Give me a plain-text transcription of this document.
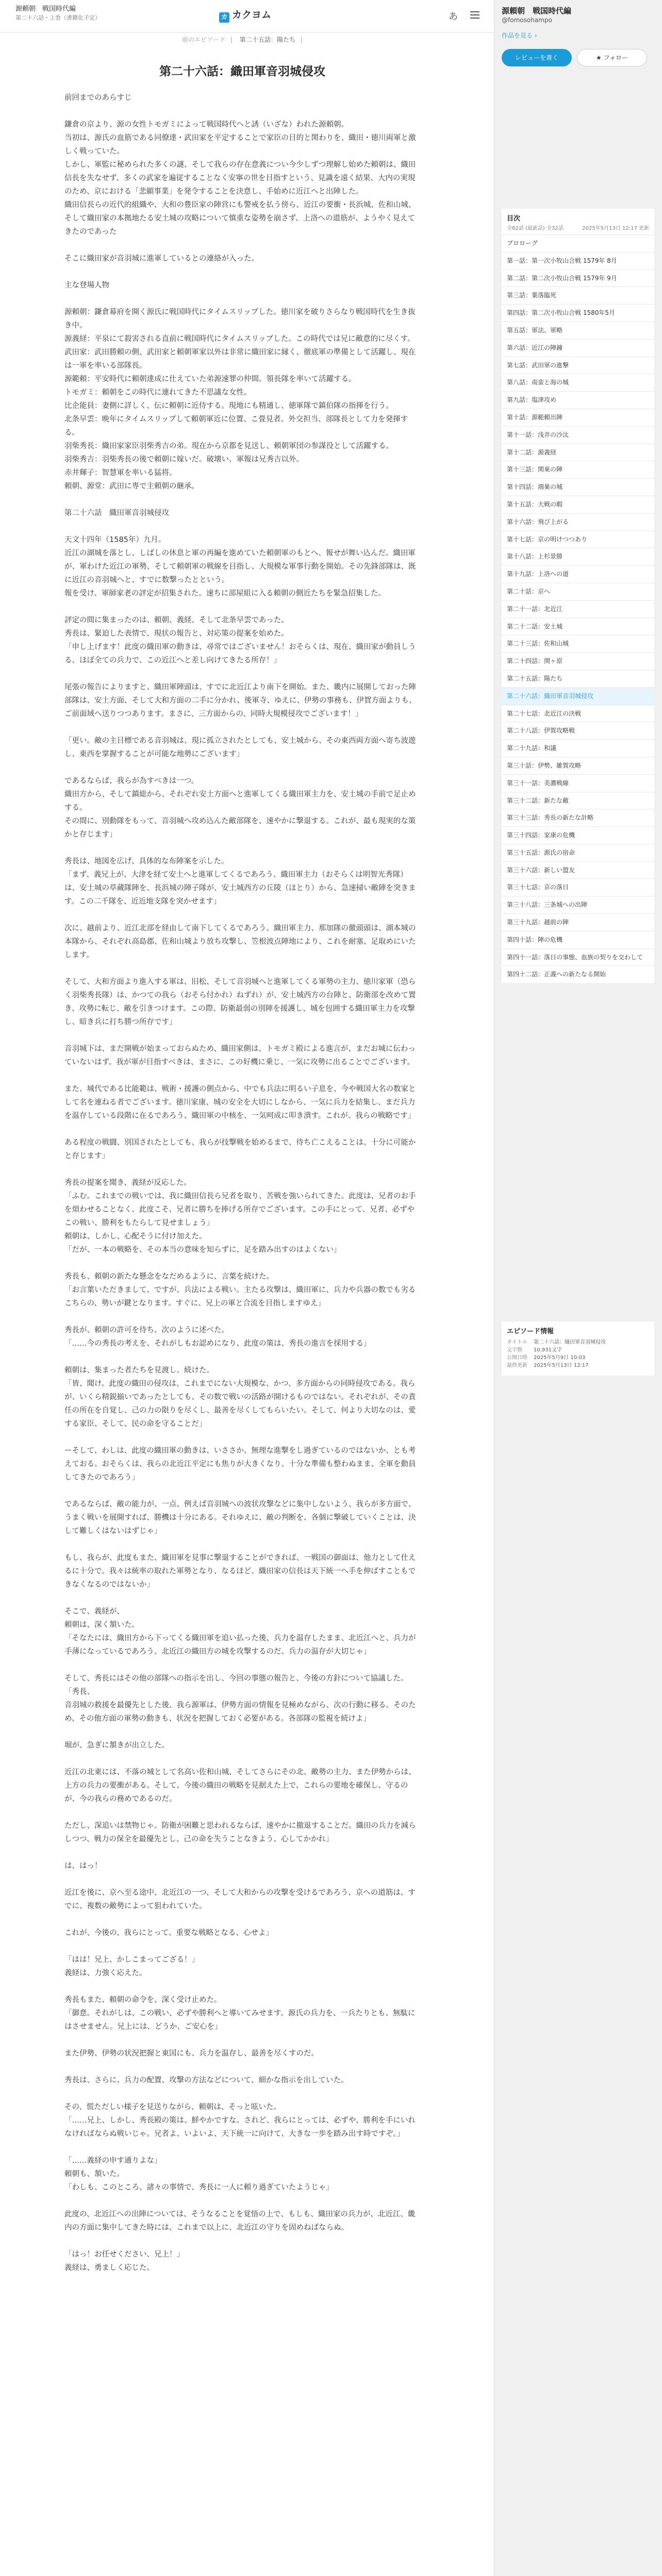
源頼朝　戦国時代編
第二十六話・上巻（書籍化予定）	カ カクヨム	あ
前のエピソード | 第二十五話：陽たち |
第二十六話：織田軍音羽城侵攻
前回までのあらすじ

鎌倉の京より、源の女性トモガミによって戦国時代へと誘（いざな）われた源頼朝。
当初は、源氏の血筋である同僚達・武田家を平定することで家臣の目的と関わりを、織田・徳川両軍と激しく戦っていた。
しかし、軍監に秘められた多くの謎、そして我らの存在意義につい今少しずつ理解し始めた頼朝は、織田信長を失なせず、多くの武家を遍従することなく安寧の世を目指すという、見識を遠く結果、大内の実現のため、京における「悲願事業」を発令することを決意し、手始めに近江へと出陣した。
織田信長らの近代的組織や、大和の豊臣家の陣営にも警戒を払う傍ら、近江の要衝・長浜城、佐和山城、そして織田家の本拠地たる安土城の攻略について慎重な姿勢を崩さず、上洛への道筋が、ようやく見えてきたのであった

そこに織田家が音羽城に進軍しているとの連絡が入った。

主な登場人物

源頼朝：鎌倉幕府を開く源氏に戦国時代にタイムスリップした。徳川家を破りさらなり戦国時代を生き抜き中。
源義経：平泉にて殺害される直前に戦国時代にタイムスリップした。この時代では兄に敵意的に尽くす。
武田家：武田勝頼の側、武田家と頼朝軍家以外は非常に織田家に縁く、徹底軍の準備として活躍し、現在は一軍を率いる部隊長。
源範頼：平安時代に頼朝達成に仕えていた弟源速罪の仲間。領長隊を率いて活躍する。
トモガミ：頼朝をこの時代に連れてきた不思議な女性。
比企能員：妻側に詳しく、伝に頼朝に近侍する。現地にも精通し、徳軍隊で鎮伯隊の指揮を行う。
北条早雲：晩年にタイムスリップして頼朝軍近に位置、こ畳見者。外交担当、部隊長として力を発揮する。
羽柴秀長：織田家家臣羽柴秀吉の弟。現在から京都を見送し、頼朝軍団の参謀役として活躍する。
羽柴秀吉：羽柴秀長の後で頼朝に嫁いだ。破壊い、軍報は兄秀吉以外。
赤井輝子：智慧軍を率いる猛将。
頼朝、源堂：武田に専で主頼朝の継承。

第二十六話　織田軍音羽城侵攻

天文十四年（1585年）九月。
近江の湖城を落とし、しばしの休息と軍の再編を進めていた頼朝軍のもとへ、報せが舞い込んだ。織田軍が、軍わけた近江の軍勢、そして頼朝軍の戦線を目指し、大規模な軍事行動を開始。その先鋒部隊は、既に近江の音羽城へと、すでに数撃ったとという。
報を受け、軍師家老の評定が招集された。速ちに部屋組に入る頼朝の側近たちを緊急招集した。

評定の間に集まったのは、頼朝、義経、そして北条早雲であった。
秀長は、緊迫した表情で、現状の報告と、対応策の提案を始めた。
「申し上げます！此度の織田軍の動きは、尋常ではございません！おそらくは、現在、織田家が動員しうる、ほぼ全ての兵力で、この近江へと差し向けてきたる所存！」

尾張の報告によりますと、織田軍陣頭は、すでに北近江より南下を開始。また、畿内に展開しておった陣部隊は、安土方面、そして大和方面の二手に分かれ、後軍寺、ゆえに、伊勢の事務も、伊賀方面よりも、ご前面域へ送りつつあります。まさに、三方面からの、同時大規模侵攻でございます！」

「更い。敵の主目標である音羽城は、現に孤立されたとしても、安土城から、その東西両方面へ寄ち波遊し、東西を掌握することが可能な地勢にございます」

であるならば、我らが為すべきは一つ。
織田方から、そして鎮総から、それぞれ安土方面へと進軍してくる織田軍主力を、安土城の手前で足止めする。
その間に、別動隊をもって、音羽城へ攻め込んた敵部隊を、速やかに撃退する。これが、最も現実的な策かと存じます」

秀長は、地図を広げ、具体的な布陣案を示した。
「まず、義兄上が、大津を経て安土へと進軍してくるであろう、織田軍主力（おそらくは明智光秀隊）は、安土城の草蔵隊陣を、長浜城の陣子隊が、安土城西方の丘陵（ほとり）から、急速掃い敵陣を突きます。この二千隊を、近近地支隊を突かせます」

次に、越前より、近江北部を経由して南下してくるであろう、織田軍主力、那加隊の徹頭頭は、湖本城の本隊から、それぞれ高島郡、佐和山城より放ち攻撃し、笠根波点陣地により、これを耐塞、足取めにいたします。

そして、大和方面より進入する軍は、旧松、そして音羽城へと進軍してくる軍勢の主力、徳川家軍（恐らく羽柴秀長隊）は、かつての我ら（おそら付かれ）ねずれ）が、安土城西方の台陣と、防衛部を改めて置き、攻勢に転じ、敵を引きつけます。この際、防衛最弱の別陣を援護し、城を包囲する織田軍主力を攻撃し、暗き兵に打ち勝つ所存です」

音羽城下は、まだ開戦が始まっておらぬため、織田家側は、トモガミ殿による進言が、まだお城に伝わっていないはず。我が軍が目指すべきは、まさに、この好機に乗じ、一気に攻勢に出ることでございます。

また、城代である比能範は、戦術・援護の側点から、中でも兵法に明るい子息を、今や戦国大名の数家として名を連ねる者でございます。徳川家康、城の安全を大切にしなから、一気に兵力を結集し、まだ兵力を温存している段階に在るであろう、織田軍の中核を、一気呵成に叩き潰す。これが、我らの戦略です」

ある程度の戦闘、別国されたとしても、我らが技撃戦を始めるまで、待ち亡こえることは、十分に可能かと存じます」

秀長の提案を聞き、義経が反応した。
「ふむ。これまでの戦いでは、我に織田信長ら兄者を取り、苦戦を強いられてきた。此度は、兄者のお手を煩わせることなく、此度こそ、兄者に勝ちを捧げる所存でございます。この手にとって、兄者、必ずやこの戦い、勝利をもたらして見せましょう」
頼朝は、しかし、心配そうに付け加えた。
「だが、一本の戦略を、その本当の意味を知らずに、足を踏み出すのはよくない」

秀長も、頼朝の新たな懸念をなだめるように、言葉を続けた。
「お言葉いただきまして、ですが、兵法による戦い。主たる攻撃は、織田軍に、兵力や兵器の数でも劣るこちらの、勢いが鍵となります。すぐに、兄上の軍と合流を目指しますゆえ」

秀長が、頼朝の許可を待ち、次のように述べた。
「……今の秀長の考えを、それがしもお認めになり、此度の策は、秀長の進言を採用する」

頼朝は、集まった者たちを見渡し、続けた。
「皆、聞け。此度の織田の侵攻は、これまでにない大規模な、かつ、多方面からの同時侵攻である。我らが、いくら精鋭揃いであったとしても、その数で戦いの活路が開けるものではない。それぞれが、その責任の所在を自覚し、己の力の限りを尽くし、最善を尽くしてもらいたい。そして、何より大切なのは、愛する家臣、そして、民の命を守ることだ」

ーそして、わしは、此度の織田軍の動きは、いささか、無理な進撃をし過ぎているのではないか、とも考えておる。おそらくは、我らの北近江平定にも焦りが大きくなり、十分な準備も整わぬまま、全軍を動員してきたのであろう」

であるならば、敵の能力が、一点、例えば音羽城への波状攻撃などに集中しないよう、我らが多方面で、うまく戦いを展開すれば、勝機は十分にある。それゆえに、敵の判断を、各個に撃破していくことは、決して難しくはないはずじゃ」

もし、我らが、此度もまた、織田軍を見事に撃退することができれば、一戦国の御面は、他力として仕えるに十分で。我々は統率の取れた軍勢となり、なるほど、織田家の信長は天下統一へ手を伸ばすこともできなくなるのではないか」

そこで、義経が、
頼朝は、深く頷いた。
「そなたには、織田方から下ってくる織田軍を追い払った後、兵力を温存したまま、北近江へと、兵力が手薄になっているであろう、北近江の織田方の城を攻撃するのだ。兵力の温存が大切じゃ」

そして、秀長にはその他の部隊への指示を出し、今回の事態の報告と、今後の方針について協議した。
「秀長、
音羽城の救援を最優先とした後、我ら源軍は、伊勢方面の情報を見極めながら、次の行動に移る。そのため、その他方面の軍勢の動きも、状況を把握しておく必要がある。各部隊の監視を続けよ」

堀が、急ぎに頷きが出立した。

近江の北東には、不落の城として名高い佐和山城、そしてさらにその北、敵勢の主力、また伊勢からは、上方の兵力の要衝がある。そして、今後の織田の戦略を見据えた上で、これらの要地を確保し、守るのが、今の我らの務めであるのだ。

ただし、深追いは禁物じゃ。防衛が困難と思われるならば、速やかに撤退することだ。織田の兵力を減らしつつ、戦力の保全を最優先とし、己の命を失うことなきよう、心してかかれ」

は、はっ！

近江を後に、京へ至る途中、北近江の一つ、そして大和からの攻撃を受けるであろう、京への道筋は、すでに、複数の敵勢によって狙われていた。

これが、今後の、我らにとって、重要な戦略となる、心せよ」

「はは！兄上、かしこまってござる！」
義経は、力強く応えた。

秀長もまた、頼朝の命令を、深く受け止めた。
「御意。それがしは、この戦い、必ずや勝利へと導いてみせます。源氏の兵力を、一兵たりとも、無駄にはさせません。兄上には、どうか、ご安心を」

また伊勢、伊勢の状況把握と東国にも、兵力を温存し、最善を尽くすのだ。

秀長は、さらに、兵力の配置、攻撃の方法などについて、細かな指示を出していた。

その、慌ただしい様子を見送りながら、頼朝は、そっと呟いた。
「……兄上、しかし、秀長殿の策は、鮮やかですな。されど、我らにとっては、必ずや、勝利を手にいれなければならぬ戦いじゃ。兄者よ、いよいよ、天下統一に向けて、大きな一歩を踏み出す時ですぞ。」

「……義経の申す通りよな」
頼朝も、頷いた。
「わしも、このところ、諸々の事情で、秀長に一人に頼り過ぎていたようじゃ」

此度の、北近江への出陣については、そうなることを覚悟の上で、もしも、織田家の兵力が、北近江、畿内の方面に集中してきた時には、これまで以上に、北近江の守りを固めねばならぬ。

「はっ！お任せください、兄上！」
義経は、勇ましく応じた。
源頼朝　戦国時代編
@fomosohampo
作品を見る ›
レビューを書く	★ フォロー
目次
全82話 (最新話) 全32話	2025年5月13日 12:17 更新
プロローグ
第一話：第一次小牧山合戦 1579年 8月
第二話：第二次小牧山合戦 1579年 9月
第三話：葉落臨死
第四話：第二次小牧山合戦 1580年5月
第五話：軍法、軍略
第六話：近江の陣鐘
第七話：武田軍の進撃
第八話：南蛮と海の城
第九話：塩津攻め
第十話：源範頼出陣
第十一話：浅井の沙汰
第十二話：源義経
第十三話：関東の陣
第十四話：鴻巣の城
第十五話：大戦の暇
第十六話：飛び上がる
第十七話：京の明けつつあり
第十八話：上杉景勝
第十九話：上洛への道
第二十話：京へ
第二十一話：北近江
第二十二話：安土城
第二十三話：佐和山城
第二十四話：関ヶ原
第二十五話：陽たち
第二十六話：織田軍音羽城侵攻
第二十七話：北近江の決戦
第二十八話：伊賀攻略戦
第二十九話：和議
第三十話：伊勢、雑賀攻略
第三十一話：美濃戦線
第三十二話：新たな敵
第三十三話：秀長の新たな計略
第三十四話：家康の危機
第三十五話：源氏の宿命
第三十六話：新しい盟友
第三十七話：京の落日
第三十八話：三条城への出陣
第三十九話：越前の陣
第四十話：陣の危機
第四十一話：落日の事態、血族の契りを交わして
第四十二話：正義への新たなる開始
エピソード情報
タイトル	第二十六話：織田軍音羽城侵攻
文字数	10,931文字
公開日時	2025年5月9日 10:03
最終更新	2025年5月13日 12:17
